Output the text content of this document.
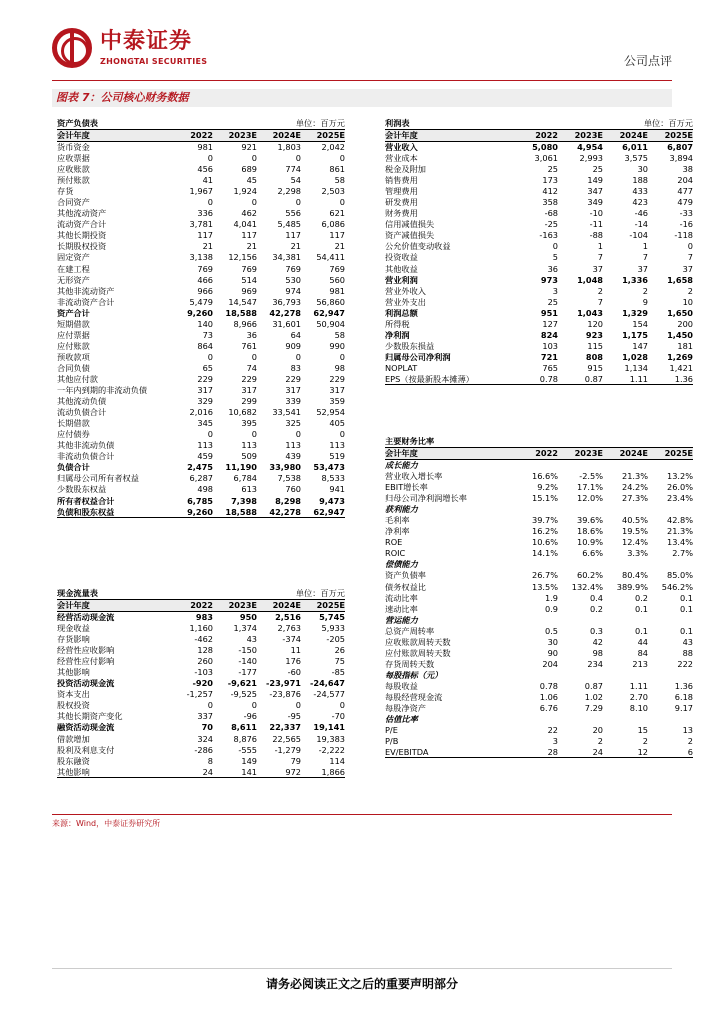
中泰证券
ZHONGTAI SECURITIES	公司点评
图表 7：公司核心财务数据
资产负债表	单位：百万元
会计年度	2022	2023E	2024E	2025E
货币资金	981	921	1,803	2,042
应收票据	0	0	0	0
应收账款	456	689	774	861
预付账款	41	45	54	58
存货	1,967	1,924	2,298	2,503
合同资产	0	0	0	0
其他流动资产	336	462	556	621
流动资产合计	3,781	4,041	5,485	6,086
其他长期投资	117	117	117	117
长期股权投资	21	21	21	21
固定资产	3,138	12,156	34,381	54,411
在建工程	769	769	769	769
无形资产	466	514	530	560
其他非流动资产	966	969	974	981
非流动资产合计	5,479	14,547	36,793	56,860
资产合计	9,260	18,588	42,278	62,947
短期借款	140	8,966	31,601	50,904
应付票据	73	36	64	58
应付账款	864	761	909	990
预收款项	0	0	0	0
合同负债	65	74	83	98
其他应付款	229	229	229	229
一年内到期的非流动负债	317	317	317	317
其他流动负债	329	299	339	359
流动负债合计	2,016	10,682	33,541	52,954
长期借款	345	395	325	405
应付债券	0	0	0	0
其他非流动负债	113	113	113	113
非流动负债合计	459	509	439	519
负债合计	2,475	11,190	33,980	53,473
归属母公司所有者权益	6,287	6,784	7,538	8,533
少数股东权益	498	613	760	941
所有者权益合计	6,785	7,398	8,298	9,473
负债和股东权益	9,260	18,588	42,278	62,947
利润表	单位：百万元
会计年度	2022	2023E	2024E	2025E
营业收入	5,080	4,954	6,011	6,807
营业成本	3,061	2,993	3,575	3,894
税金及附加	25	25	30	38
销售费用	173	149	188	204
管理费用	412	347	433	477
研发费用	358	349	423	479
财务费用	-68	-10	-46	-33
信用减值损失	-25	-11	-14	-16
资产减值损失	-163	-88	-104	-118
公允价值变动收益	0	1	1	0
投资收益	5	7	7	7
其他收益	36	37	37	37
营业利润	973	1,048	1,336	1,658
营业外收入	3	2	2	2
营业外支出	25	7	9	10
利润总额	951	1,043	1,329	1,650
所得税	127	120	154	200
净利润	824	923	1,175	1,450
少数股东损益	103	115	147	181
归属母公司净利润	721	808	1,028	1,269
NOPLAT	765	915	1,134	1,421
EPS（按最新股本摊薄）	0.78	0.87	1.11	1.36
现金流量表	单位：百万元
会计年度	2022	2023E	2024E	2025E
经营活动现金流	983	950	2,516	5,745
现金收益	1,160	1,374	2,763	5,933
存货影响	-462	43	-374	-205
经营性应收影响	128	-150	11	26
经营性应付影响	260	-140	176	75
其他影响	-103	-177	-60	-85
投资活动现金流	-920	-9,621	-23,971	-24,647
资本支出	-1,257	-9,525	-23,876	-24,577
股权投资	0	0	0	0
其他长期资产变化	337	-96	-95	-70
融资活动现金流	70	8,611	22,337	19,141
借款增加	324	8,876	22,565	19,383
股利及利息支付	-286	-555	-1,279	-2,222
股东融资	8	149	79	114
其他影响	24	141	972	1,866
主要财务比率
会计年度	2022	2023E	2024E	2025E
成长能力
营业收入增长率	16.6%	-2.5%	21.3%	13.2%
EBIT增长率	9.2%	17.1%	24.2%	26.0%
归母公司净利润增长率	15.1%	12.0%	27.3%	23.4%
获利能力
毛利率	39.7%	39.6%	40.5%	42.8%
净利率	16.2%	18.6%	19.5%	21.3%
ROE	10.6%	10.9%	12.4%	13.4%
ROIC	14.1%	6.6%	3.3%	2.7%
偿债能力
资产负债率	26.7%	60.2%	80.4%	85.0%
债务权益比	13.5%	132.4%	389.9%	546.2%
流动比率	1.9	0.4	0.2	0.1
速动比率	0.9	0.2	0.1	0.1
营运能力
总资产周转率	0.5	0.3	0.1	0.1
应收账款周转天数	30	42	44	43
应付账款周转天数	90	98	84	88
存货周转天数	204	234	213	222
每股指标（元）
每股收益	0.78	0.87	1.11	1.36
每股经营现金流	1.06	1.02	2.70	6.18
每股净资产	6.76	7.29	8.10	9.17
估值比率
P/E	22	20	15	13
P/B	3	2	2	2
EV/EBITDA	28	24	12	6
来源：Wind，中泰证券研究所
请务必阅读正文之后的重要声明部分
